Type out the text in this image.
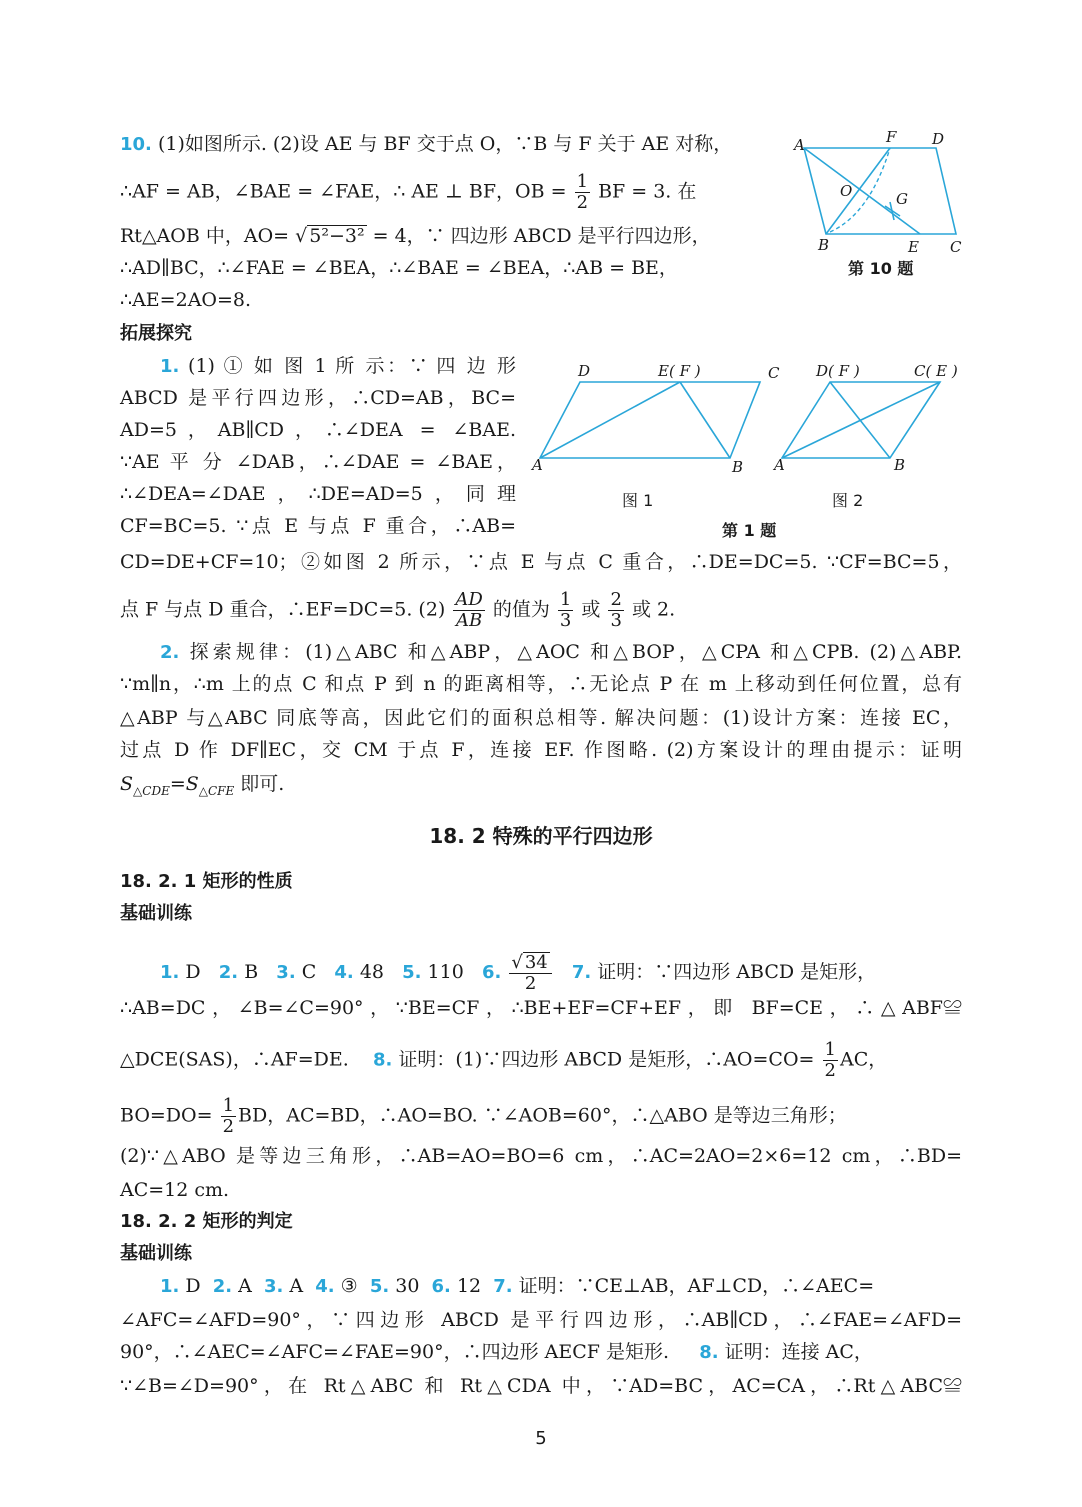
10. (1)如图所示. (2)设 AE 与 BF 交于点 O，∵B 与 F 关于 AE 对称，
∴AF = AB，∠BAE = ∠FAE，∴ AE ⊥ BF，OB = $\frac{1}{2}$ BF = 3. 在
Rt△AOB 中，AO= √ 5²−3² = 4，∵ 四边形 ABCD 是平行四边形，
∴AD∥BC，∴∠FAE = ∠BEA，∴∠BAE = ∠BEA，∴AB = BE，
∴AE=2AO=8.
A	F D
O	G
B	E C
第 10 题
拓展探究
1. (1) ① 如 图 1 所 示：∵ 四 边 形
ABCD 是平行四边形，∴CD=AB，BC=
AD=5，AB∥CD，∴∠DEA = ∠BAE.
∵AE 平 分 ∠DAB，∴∠DAE = ∠BAE，
∴∠DEA=∠DAE，∴DE=AD=5，同理
CF=BC=5. ∵点 E 与点 F 重合，∴AB=
CD=DE+CF=10；②如图 2 所示，∵点 E 与点 C 重合，∴DE=DC=5. ∵CF=BC=5，
点 F 与点 D 重合，∴EF=DC=5. $(2) \frac{AD}{AB}$ 的值为 $\frac{1}{3}$ 或 $\frac{2}{3}$ 或 2.
D	E( F )	C
A	B
D( F )	C( E )
A	B
图 1	图 2
第 1 题
2. 探索规律：(1)△ABC 和△ABP，△AOC 和△BOP，△CPA 和△CPB. (2)△ABP.
∵m∥n，∴m 上的点 C 和点 P 到 n 的距离相等，∴无论点 P 在 m 上移动到任何位置，总有
△ABP 与△ABC 同底等高，因此它们的面积总相等. 解决问题：(1)设计方案：连接 EC，
过点 D 作 DF∥EC，交 CM 于点 F，连接 EF. 作图略. (2)方案设计的理由提示：证明
$S_{\triangle CDE}=S_{\triangle CFE}$ 即可.
18. 2 特殊的平行四边形
18. 2. 1 矩形的性质
基础训练
1. D 2. B 3. C 4. 48 5. 110 6. $\frac{√ 34}{2} 7$. 证明：∵四边形 ABCD 是矩形，
∴AB=DC，∠B=∠C=90°，∵BE=CF，∴BE+EF=CF+EF，即 BF=CE，∴△ABF≌
△DCE(SAS)，∴AF=DE. 8. 证明：(1)∵四边形 ABCD 是矩形，∴AO=CO= $\frac{1}{2}$ AC，
$BO=DO= \frac{1}{2}$ BD，AC=BD，∴AO=BO. ∵∠AOB=60°，∴△ABO 是等边三角形；
(2)∵△ABO 是等边三角形，∴AB=AO=BO=6 cm，∴AC=2AO=2×6=12 cm，∴BD=
AC=12 cm.
18. 2. 2 矩形的判定
基础训练
1. D 2. A 3. A 4. ③ 5. 30 6. 12 7. 证明：∵CE⊥AB，AF⊥CD，∴∠AEC=
∠AFC=∠AFD=90°，∵四边形 ABCD 是平行四边形，∴AB∥CD，∴∠FAE=∠AFD=
90°，∴∠AEC=∠AFC=∠FAE=90°，∴四边形 AECF 是矩形. 8. 证明：连接 AC，
∵∠B=∠D=90°，在 Rt△ABC 和 Rt△CDA 中，∵AD=BC，AC=CA，∴Rt△ABC≌
5
